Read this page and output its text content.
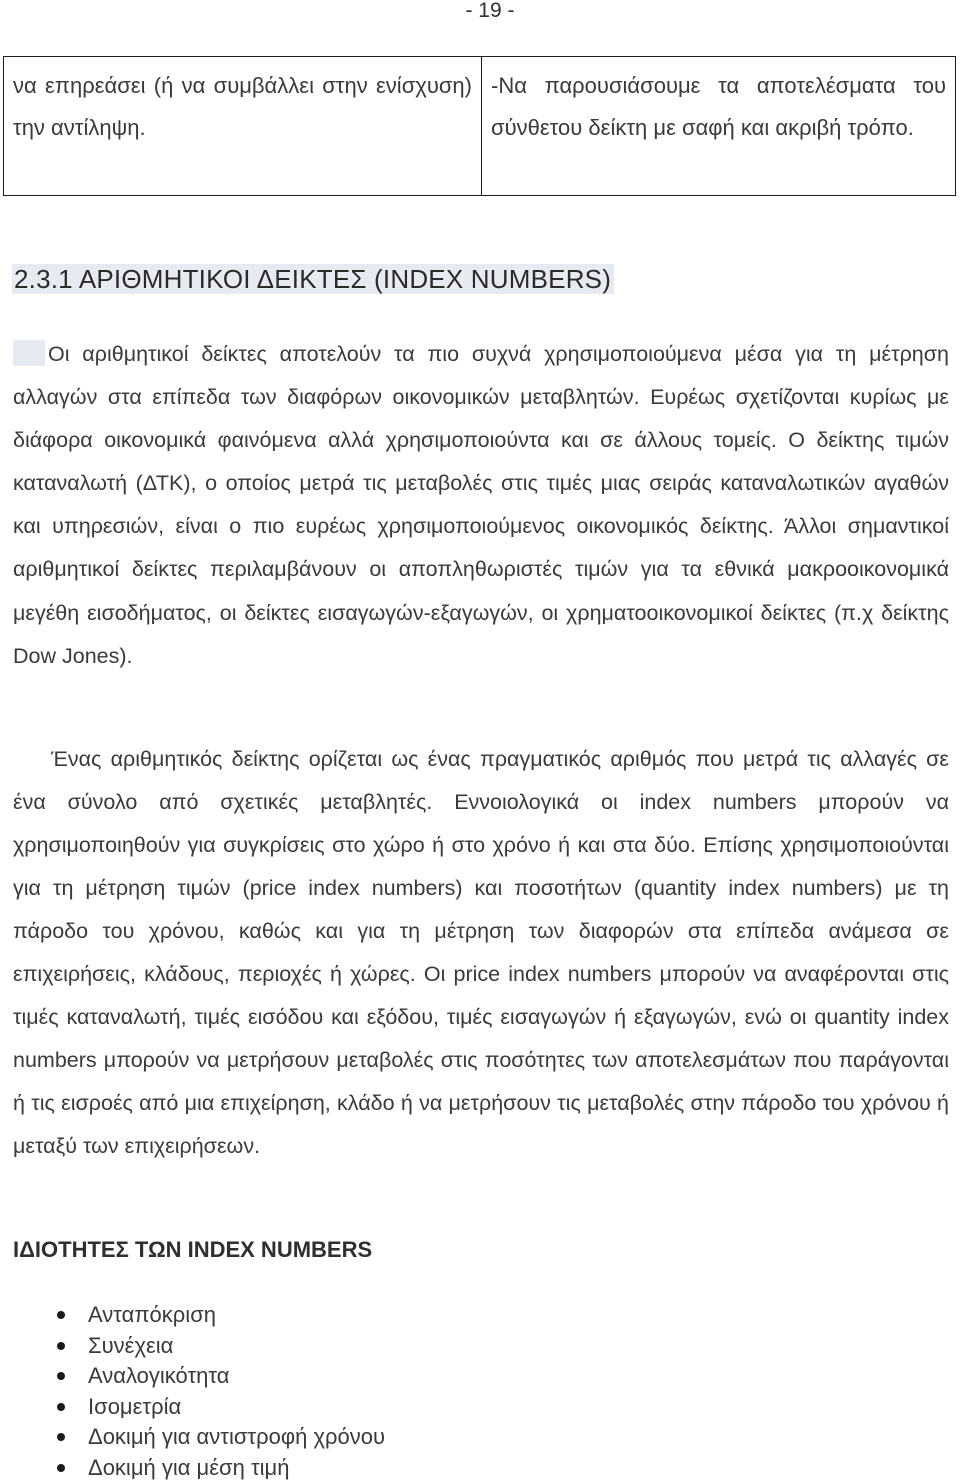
- 19 -
να επηρεάσει (ή να συμβάλλει στην ενίσχυση) την αντίληψη.	-Να παρουσιάσουμε τα αποτελέσματα του σύνθετου δείκτη με σαφή και ακριβή τρόπο.
2.3.1 ΑΡΙΘΜΗΤΙΚΟΙ ΔΕΙΚΤΕΣ (INDEX NUMBERS)

Οι αριθμητικοί δείκτες αποτελούν τα πιο συχνά χρησιμοποιούμενα μέσα για τη μέτρηση αλλαγών στα επίπεδα των διαφόρων οικονομικών μεταβλητών. Ευρέως σχετίζονται κυρίως με διάφορα οικονομικά φαινόμενα αλλά χρησιμοποιούντα και σε άλλους τομείς. Ο δείκτης τιμών καταναλωτή (ΔΤΚ), ο οποίος μετρά τις μεταβολές στις τιμές μιας σειράς καταναλωτικών αγαθών και υπηρεσιών, είναι ο πιο ευρέως χρησιμοποιούμενος οικονομικός δείκτης. Άλλοι σημαντικοί αριθμητικοί δείκτες περιλαμβάνουν οι αποπληθωριστές τιμών για τα εθνικά μακροοικονομικά μεγέθη εισοδήματος, οι δείκτες εισαγωγών-εξαγωγών, οι χρηματοοικονομικοί δείκτες (π.χ δείκτης Dow Jones).

Ένας αριθμητικός δείκτης ορίζεται ως ένας πραγματικός αριθμός που μετρά τις αλλαγές σε ένα σύνολο από σχετικές μεταβλητές. Εννοιολογικά οι index numbers μπορούν να χρησιμοποιηθούν για συγκρίσεις στο χώρο ή στο χρόνο ή και στα δύο. Επίσης χρησιμοποιούνται για τη μέτρηση τιμών (price index numbers) και ποσοτήτων (quantity index numbers) με τη πάροδο του χρόνου, καθώς και για τη μέτρηση των διαφορών στα επίπεδα ανάμεσα σε επιχειρήσεις, κλάδους, περιοχές ή χώρες. Οι price index numbers μπορούν να αναφέρονται στις τιμές καταναλωτή, τιμές εισόδου και εξόδου, τιμές εισαγωγών ή εξαγωγών, ενώ οι quantity index numbers μπορούν να μετρήσουν μεταβολές στις ποσότητες των αποτελεσμάτων που παράγονται ή τις εισροές από μια επιχείρηση, κλάδο ή να μετρήσουν τις μεταβολές στην πάροδο του χρόνου ή μεταξύ των επιχειρήσεων.

ΙΔΙΟΤΗΤΕΣ ΤΩΝ INDEX NUMBERS
Ανταπόκριση
Συνέχεια
Αναλογικότητα
Ισομετρία
Δοκιμή για αντιστροφή χρόνου
Δοκιμή για μέση τιμή
